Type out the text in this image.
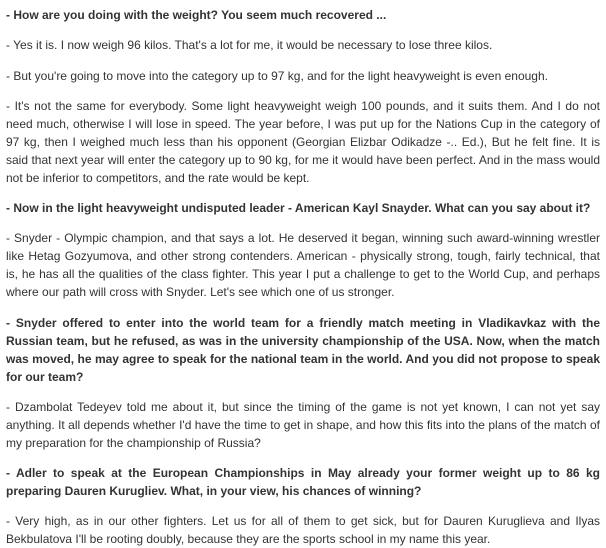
- How are you doing with the weight? You seem much recovered ...

- Yes it is. I now weigh 96 kilos. That's a lot for me, it would be necessary to lose three kilos.

- But you're going to move into the category up to 97 kg, and for the light heavyweight is even enough.

- It's not the same for everybody. Some light heavyweight weigh 100 pounds, and it suits them. And I do not need much, otherwise I will lose in speed. The year before, I was put up for the Nations Cup in the category of 97 kg, then I weighed much less than his opponent (Georgian Elizbar Odikadze -.. Ed.), But he felt fine. It is said that next year will enter the category up to 90 kg, for me it would have been perfect. And in the mass would not be inferior to competitors, and the rate would be kept.

- Now in the light heavyweight undisputed leader - American Kayl Snayder. What can you say about it?

- Snyder - Olympic champion, and that says a lot. He deserved it began, winning such award-winning wrestler like Hetag Gozyumova, and other strong contenders. American - physically strong, tough, fairly technical, that is, he has all the qualities of the class fighter. This year I put a challenge to get to the World Cup, and perhaps where our path will cross with Snyder. Let's see which one of us stronger.

- Snyder offered to enter into the world team for a friendly match meeting in Vladikavkaz with the Russian team, but he refused, as was in the university championship of the USA. Now, when the match was moved, he may agree to speak for the national team in the world. And you did not propose to speak for our team?

- Dzambolat Tedeyev told me about it, but since the timing of the game is not yet known, I can not yet say anything. It all depends whether I'd have the time to get in shape, and how this fits into the plans of the match of my preparation for the championship of Russia?

- Adler to speak at the European Championships in May already your former weight up to 86 kg preparing Dauren Kurugliev. What, in your view, his chances of winning?

- Very high, as in our other fighters. Let us for all of them to get sick, but for Dauren Kuruglieva and Ilyas Bekbulatova I'll be rooting doubly, because they are the sports school in my name this year.
